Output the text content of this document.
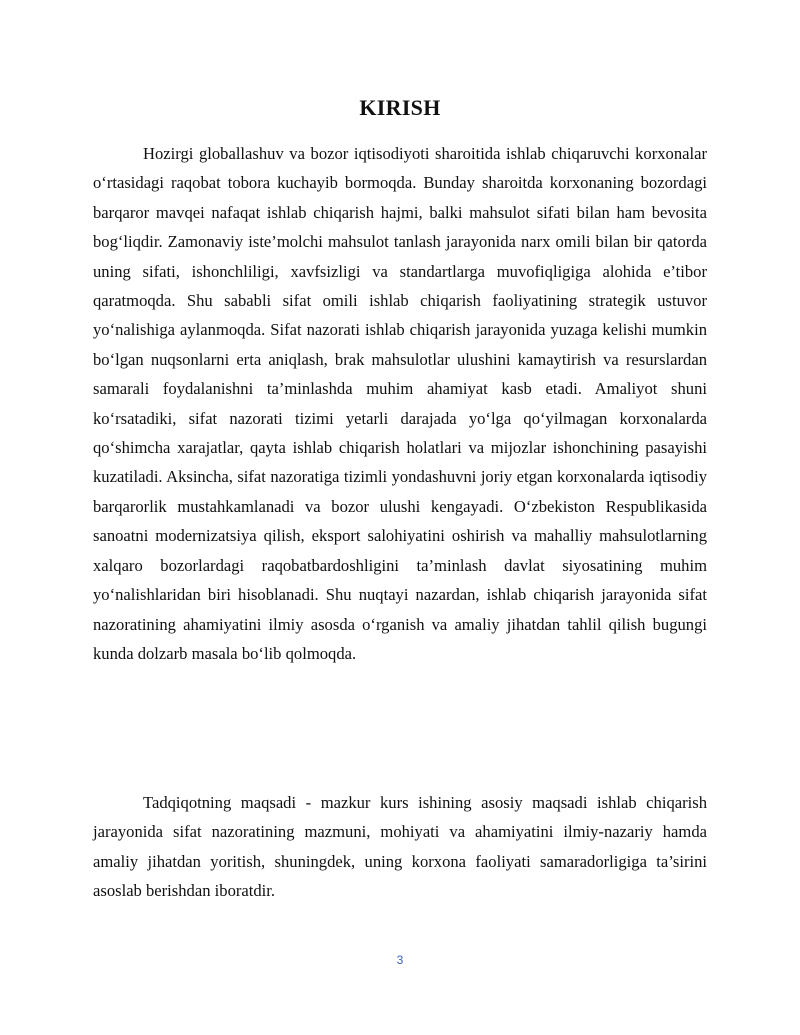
KIRISH

Hozirgi globallashuv va bozor iqtisodiyoti sharoitida ishlab chiqaruvchi korxonalar o‘rtasidagi raqobat tobora kuchayib bormoqda. Bunday sharoitda korxonaning bozordagi barqaror mavqei nafaqat ishlab chiqarish hajmi, balki mahsulot sifati bilan ham bevosita bog‘liqdir. Zamonaviy iste’molchi mahsulot tanlash jarayonida narx omili bilan bir qatorda uning sifati, ishonchliligi, xavfsizligi va standartlarga muvofiqligiga alohida e’tibor qaratmoqda. Shu sababli sifat omili ishlab chiqarish faoliyatining strategik ustuvor yo‘nalishiga aylanmoqda. Sifat nazorati ishlab chiqarish jarayonida yuzaga kelishi mumkin bo‘lgan nuqsonlarni erta aniqlash, brak mahsulotlar ulushini kamaytirish va resurslardan samarali foydalanishni ta’minlashda muhim ahamiyat kasb etadi. Amaliyot shuni ko‘rsatadiki, sifat nazorati tizimi yetarli darajada yo‘lga qo‘yilmagan korxonalarda qo‘shimcha xarajatlar, qayta ishlab chiqarish holatlari va mijozlar ishonchining pasayishi kuzatiladi. Aksincha, sifat nazoratiga tizimli yondashuvni joriy etgan korxonalarda iqtisodiy barqarorlik mustahkamlanadi va bozor ulushi kengayadi. O‘zbekiston Respublikasida sanoatni modernizatsiya qilish, eksport salohiyatini oshirish va mahalliy mahsulotlarning xalqaro bozorlardagi raqobatbardoshligini ta’minlash davlat siyosatining muhim yo‘nalishlaridan biri hisoblanadi. Shu nuqtayi nazardan, ishlab chiqarish jarayonida sifat nazoratining ahamiyatini ilmiy asosda o‘rganish va amaliy jihatdan tahlil qilish bugungi kunda dolzarb masala bo‘lib qolmoqda.

Tadqiqotning maqsadi - mazkur kurs ishining asosiy maqsadi ishlab chiqarish jarayonida sifat nazoratining mazmuni, mohiyati va ahamiyatini ilmiy-nazariy hamda amaliy jihatdan yoritish, shuningdek, uning korxona faoliyati samaradorligiga ta’sirini asoslab berishdan iboratdir.

3
